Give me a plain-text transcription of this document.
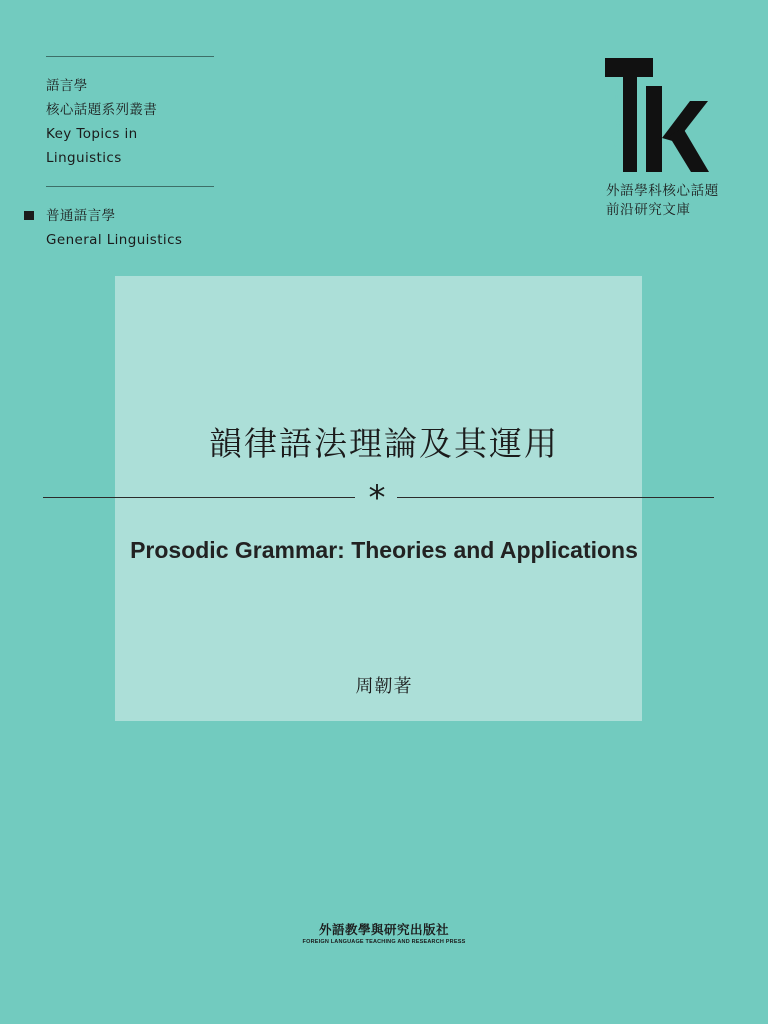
語言學
核心話題系列叢書
Key Topics in
Linguistics
普通語言學
General Linguistics
KEY TOPICS
外語學科核心話題
前沿研究文庫
韻律語法理論及其運用
*
Prosodic Grammar: Theories and Applications
周韌著
外語教學與研究出版社
FOREIGN LANGUAGE TEACHING AND RESEARCH PRESS
